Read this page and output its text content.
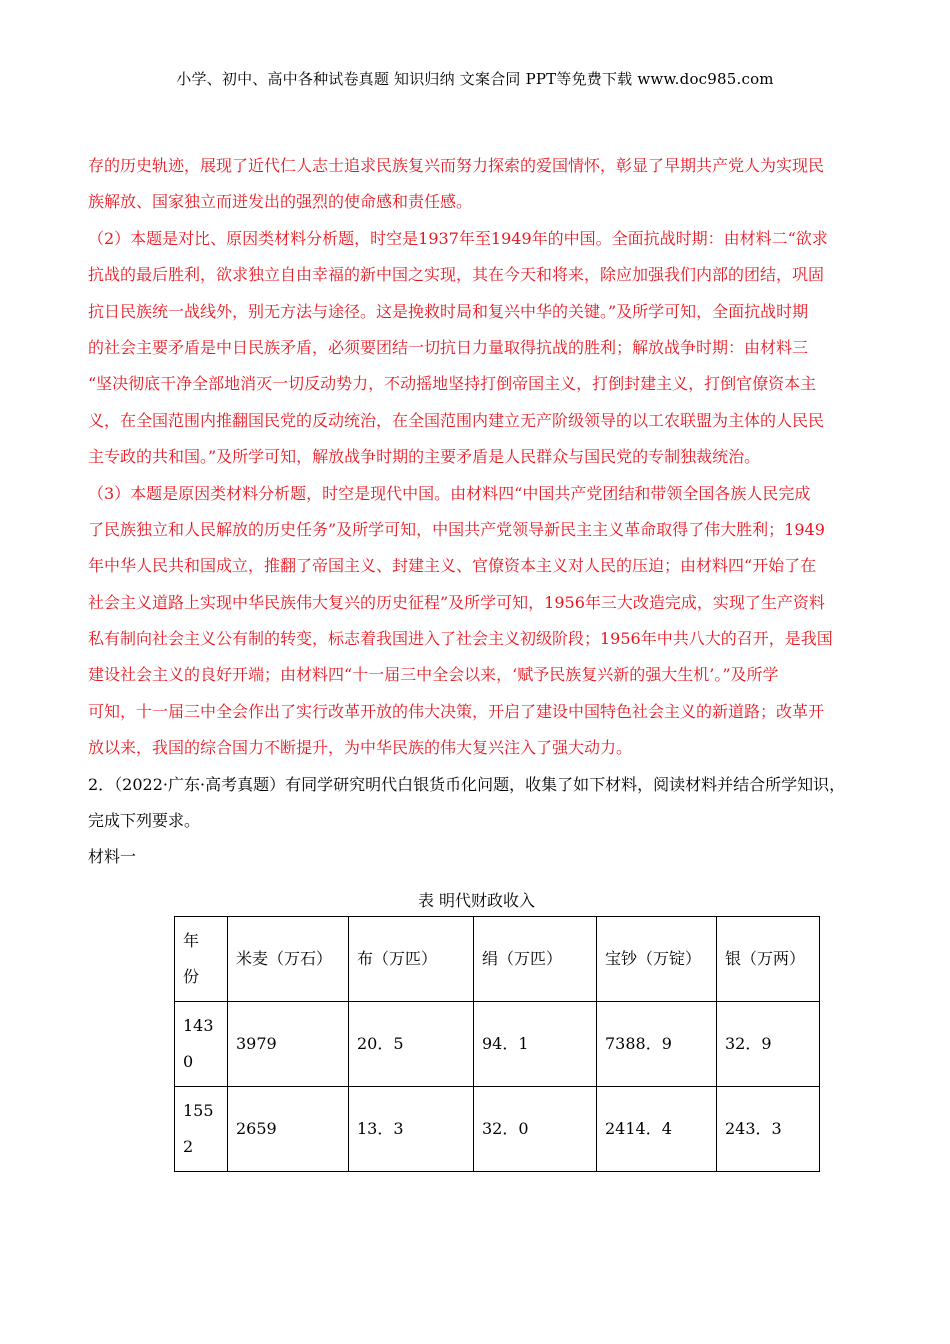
小学、初中、高中各种试卷真题 知识归纳 文案合同 PPT等免费下载 www.doc985.com
存的历史轨迹，展现了近代仁人志士追求民族复兴而努力探索的爱国情怀，彰显了早期共产党人为实现民
族解放、国家独立而迸发出的强烈的使命感和责任感。
（2）本题是对比、原因类材料分析题，时空是1937年至1949年的中国。全面抗战时期：由材料二“欲求
抗战的最后胜利，欲求独立自由幸福的新中国之实现，其在今天和将来，除应加强我们内部的团结，巩固
抗日民族统一战线外，别无方法与途径。这是挽救时局和复兴中华的关键。”及所学可知，全面抗战时期
的社会主要矛盾是中日民族矛盾，必须要团结一切抗日力量取得抗战的胜利；解放战争时期：由材料三
“坚决彻底干净全部地消灭一切反动势力，不动摇地坚持打倒帝国主义，打倒封建主义，打倒官僚资本主
义，在全国范围内推翻国民党的反动统治，在全国范围内建立无产阶级领导的以工农联盟为主体的人民民
主专政的共和国。”及所学可知，解放战争时期的主要矛盾是人民群众与国民党的专制独裁统治。
（3）本题是原因类材料分析题，时空是现代中国。由材料四“中国共产党团结和带领全国各族人民完成
了民族独立和人民解放的历史任务”及所学可知，中国共产党领导新民主主义革命取得了伟大胜利；1949
年中华人民共和国成立，推翻了帝国主义、封建主义、官僚资本主义对人民的压迫；由材料四“开始了在
社会主义道路上实现中华民族伟大复兴的历史征程”及所学可知，1956年三大改造完成，实现了生产资料
私有制向社会主义公有制的转变，标志着我国进入了社会主义初级阶段；1956年中共八大的召开，是我国
建设社会主义的良好开端；由材料四“十一届三中全会以来，‘赋予民族复兴新的强大生机’。”及所学
可知，十一届三中全会作出了实行改革开放的伟大决策，开启了建设中国特色社会主义的新道路；改革开
放以来，我国的综合国力不断提升，为中华民族的伟大复兴注入了强大动力。
2．（2022·广东·高考真题）有同学研究明代白银货币化问题，收集了如下材料，阅读材料并结合所学知识，
完成下列要求。
材料一
表 明代财政收入
年
份	米麦（万石）	布（万匹）	绢（万匹）	宝钞（万锭）	银（万两）
143
0	3979	20．5	94．1	7388．9	32．9
155
2	2659	13．3	32．0	2414．4	243．3
